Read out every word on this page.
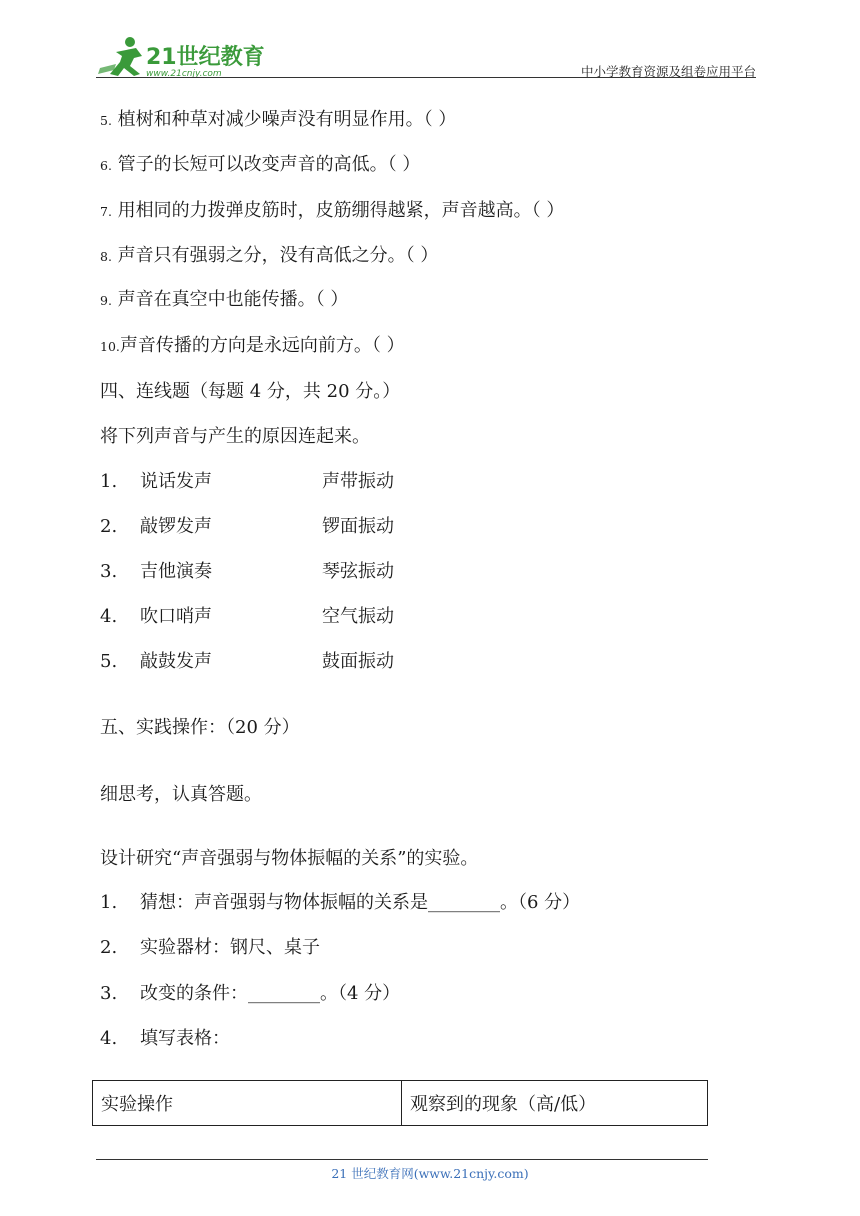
21世纪教育
www.21cnjy.com	中小学教育资源及组卷应用平台
5. 植树和种草对减少噪声没有明显作用。（ ）
6. 管子的长短可以改变声音的高低。（ ）
7. 用相同的力拨弹皮筋时，皮筋绷得越紧，声音越高。（ ）
8. 声音只有强弱之分，没有高低之分。（ ）
9. 声音在真空中也能传播。（ ）
10.声音传播的方向是永远向前方。（ ）
四、连线题（每题 4 分，共 20 分。）
将下列声音与产生的原因连起来。
1. 说话发声	声带振动
2. 敲锣发声	锣面振动
3. 吉他演奏	琴弦振动
4. 吹口哨声	空气振动
5. 敲鼓发声	鼓面振动
五、实践操作：（20 分）
细思考，认真答题。
设计研究“声音强弱与物体振幅的关系”的实验。
1. 猜想：声音强弱与物体振幅的关系是________。（6 分）
2. 实验器材：钢尺、桌子
3. 改变的条件：________。（4 分）
4. 填写表格：
实验操作	观察到的现象（高/低）
21 世纪教育网(www.21cnjy.com)
